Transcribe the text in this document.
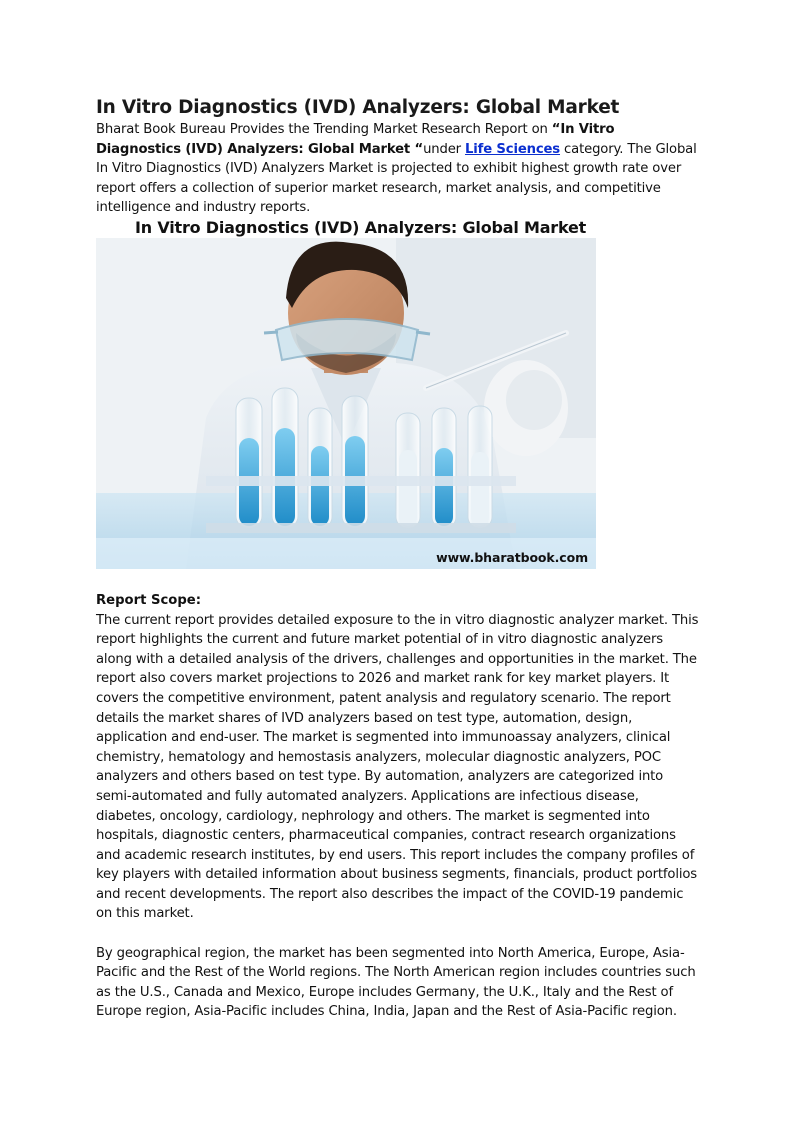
In Vitro Diagnostics (IVD) Analyzers: Global Market

Bharat Book Bureau Provides the Trending Market Research Report on “In Vitro Diagnostics (IVD) Analyzers: Global Market “under Life Sciences category. The Global In Vitro Diagnostics (IVD) Analyzers Market is projected to exhibit highest growth rate over report offers a collection of superior market research, market analysis, and competitive intelligence and industry reports.

In Vitro Diagnostics (IVD) Analyzers: Global Market
www.bharatbook.com
Report Scope:

The current report provides detailed exposure to the in vitro diagnostic analyzer market. This report highlights the current and future market potential of in vitro diagnostic analyzers along with a detailed analysis of the drivers, challenges and opportunities in the market. The report also covers market projections to 2026 and market rank for key market players. It covers the competitive environment, patent analysis and regulatory scenario. The report details the market shares of IVD analyzers based on test type, automation, design, application and end-user. The market is segmented into immunoassay analyzers, clinical chemistry, hematology and hemostasis analyzers, molecular diagnostic analyzers, POC analyzers and others based on test type. By automation, analyzers are categorized into semi-automated and fully automated analyzers. Applications are infectious disease, diabetes, oncology, cardiology, nephrology and others. The market is segmented into hospitals, diagnostic centers, pharmaceutical companies, contract research organizations and academic research institutes, by end users. This report includes the company profiles of key players with detailed information about business segments, financials, product portfolios and recent developments. The report also describes the impact of the COVID-19 pandemic on this market.

By geographical region, the market has been segmented into North America, Europe, Asia-Pacific and the Rest of the World regions. The North American region includes countries such as the U.S., Canada and Mexico, Europe includes Germany, the U.K., Italy and the Rest of Europe region, Asia-Pacific includes China, India, Japan and the Rest of Asia-Pacific region.
